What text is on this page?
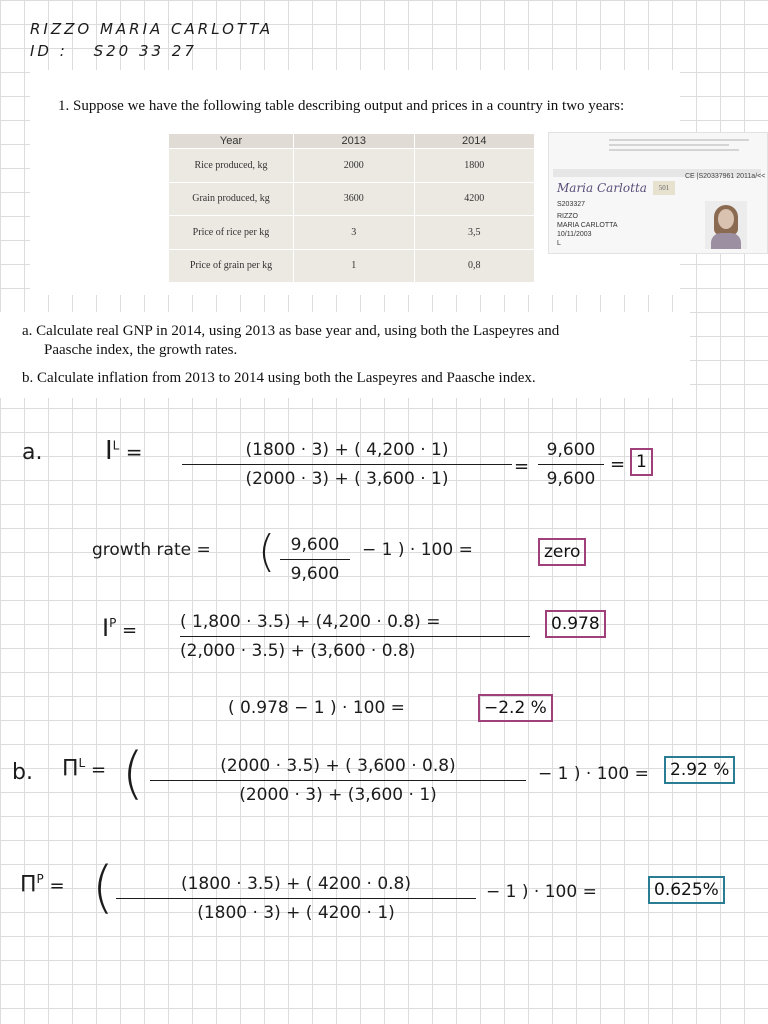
RIZZO MARIA CARLOTTA
ID : S20 33 27
1. Suppose we have the following table describing output and prices in a country in two years:
Year	2013	2014
Rice produced, kg	2000	1800
Grain produced, kg	3600	4200
Price of rice per kg	3	3,5
Price of grain per kg	1	0,8
Maria Carlotta	501
CE |S20337961 2011a/<<
S203327
RIZZO
MARIA CARLOTTA
10/11/2003
L
a. Calculate real GNP in 2014, using 2013 as base year and, using both the Laspeyres and
Paasche index, the growth rates.
b. Calculate inflation from 2013 to 2014 using both the Laspeyres and Paasche index.
a. $I^L$ =	(1800 · 3) + ( 4,200 · 1)
(2000 · 3) + ( 3,600 · 1)
=
9,600
9,600
= 1
growth rate = ( 9,600
9,600
− 1 ) · 100 =	zero
$I^P$ =	( 1,800 · 3.5) + (4,200 · 0.8) =
(2,000 · 3.5) + (3,600 · 0.8)
0.978
( 0.978 − 1 ) · 100 =	−2.2 %
b. $\Pi^L$ = (	(2000 · 3.5) + ( 3,600 · 0.8)
(2000 · 3) + (3,600 · 1)
− 1 ) · 100 =	2.92 %
$\Pi^P$ = (	(1800 · 3.5) + ( 4200 · 0.8)
(1800 · 3) + ( 4200 · 1)
− 1 ) · 100 =	0.625%
